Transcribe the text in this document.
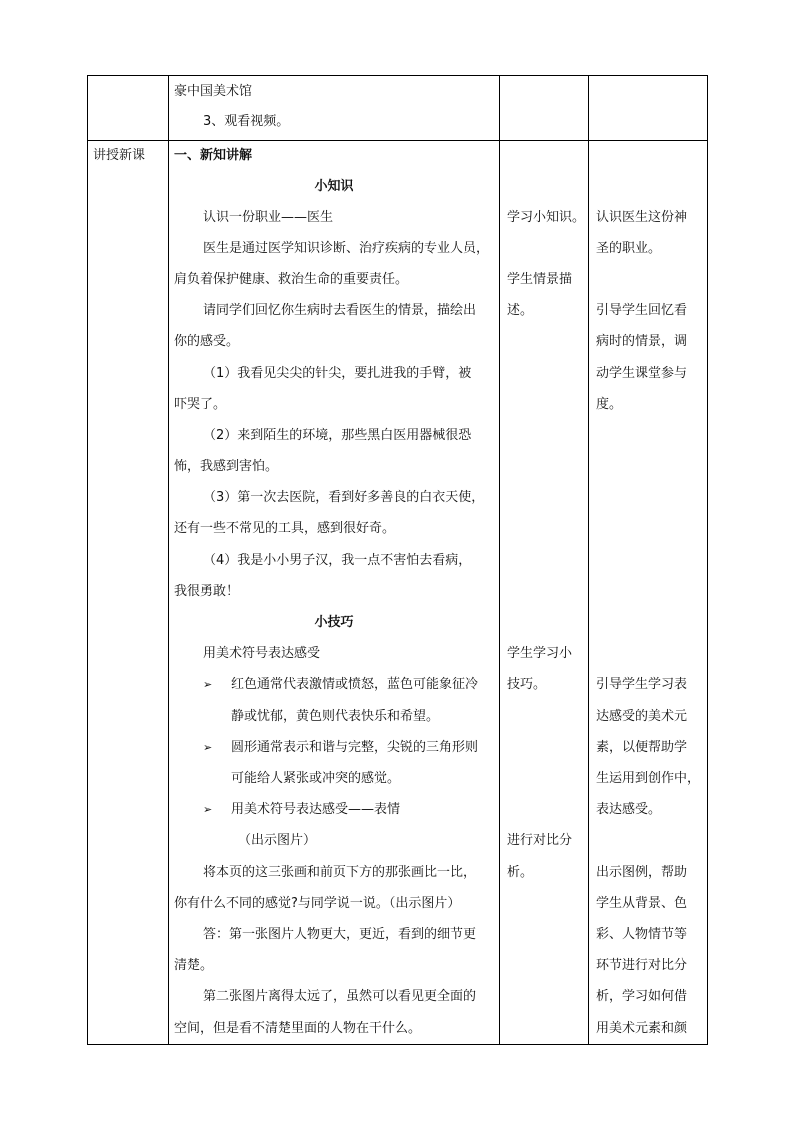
豪中国美术馆
3、观看视频。
讲授新课 一、新知讲解
小知识
认识一份职业——医生
医生是通过医学知识诊断、治疗疾病的专业人员，
肩负着保护健康、救治生命的重要责任。
请同学们回忆你生病时去看医生的情景，描绘出
你的感受。
（1）我看见尖尖的针尖，要扎进我的手臂，被
吓哭了。
（2）来到陌生的环境，那些黑白医用器械很恐
怖，我感到害怕。
（3）第一次去医院，看到好多善良的白衣天使，
还有一些不常见的工具，感到很好奇。
（4）我是小小男子汉，我一点不害怕去看病，
我很勇敢！
小技巧
用美术符号表达感受
➢ 红色通常代表激情或愤怒，蓝色可能象征冷
静或忧郁，黄色则代表快乐和希望。
➢ 圆形通常表示和谐与完整，尖锐的三角形则
可能给人紧张或冲突的感觉。
➢ 用美术符号表达感受——表情
（出示图片）
将本页的这三张画和前页下方的那张画比一比，
你有什么不同的感觉?与同学说一说。（出示图片）
答：第一张图片人物更大，更近，看到的细节更
清楚。
第二张图片离得太远了，虽然可以看见更全面的
空间，但是看不清楚里面的人物在干什么。
学习小知识。
学生情景描
述。
学生学习小
技巧。
进行对比分
析。
认识医生这份神
圣的职业。
引导学生回忆看
病时的情景，调
动学生课堂参与
度。
引导学生学习表
达感受的美术元
素，以便帮助学
生运用到创作中，
表达感受。
出示图例，帮助
学生从背景、色
彩、人物情节等
环节进行对比分
析，学习如何借
用美术元素和颜
